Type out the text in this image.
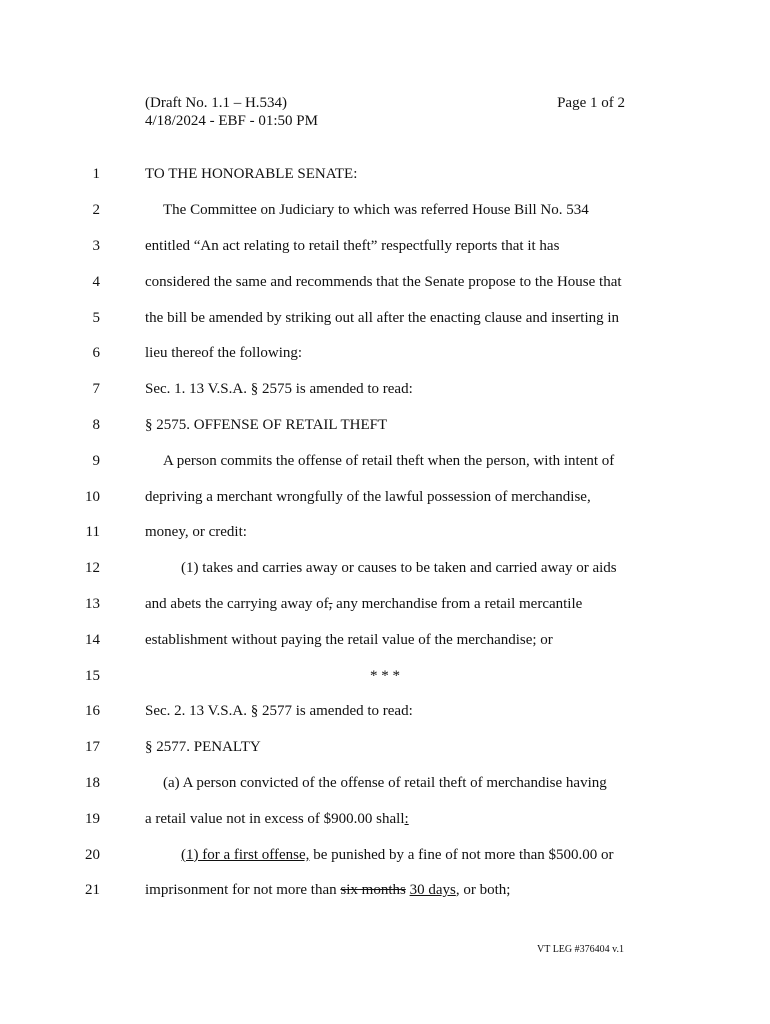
(Draft No. 1.1 – H.534)
4/18/2024 - EBF - 01:50 PM
Page 1 of 2
1	TO THE HONORABLE SENATE:
2	The Committee on Judiciary to which was referred House Bill No. 534
3	entitled “An act relating to retail theft” respectfully reports that it has
4	considered the same and recommends that the Senate propose to the House that
5	the bill be amended by striking out all after the enacting clause and inserting in
6	lieu thereof the following:
7	Sec. 1. 13 V.S.A. § 2575 is amended to read:
8	§ 2575. OFFENSE OF RETAIL THEFT
9	A person commits the offense of retail theft when the person, with intent of
10	depriving a merchant wrongfully of the lawful possession of merchandise,
11	money, or credit:
12	(1) takes and carries away or causes to be taken and carried away or aids
13	and abets the carrying away of, any merchandise from a retail mercantile
14	establishment without paying the retail value of the merchandise; or
15	* * *
16	Sec. 2. 13 V.S.A. § 2577 is amended to read:
17	§ 2577. PENALTY
18	(a) A person convicted of the offense of retail theft of merchandise having
19	a retail value not in excess of $900.00 shall:
20	(1) for a first offense, be punished by a fine of not more than $500.00 or
21	imprisonment for not more than six months 30 days, or both;
VT LEG #376404 v.1
